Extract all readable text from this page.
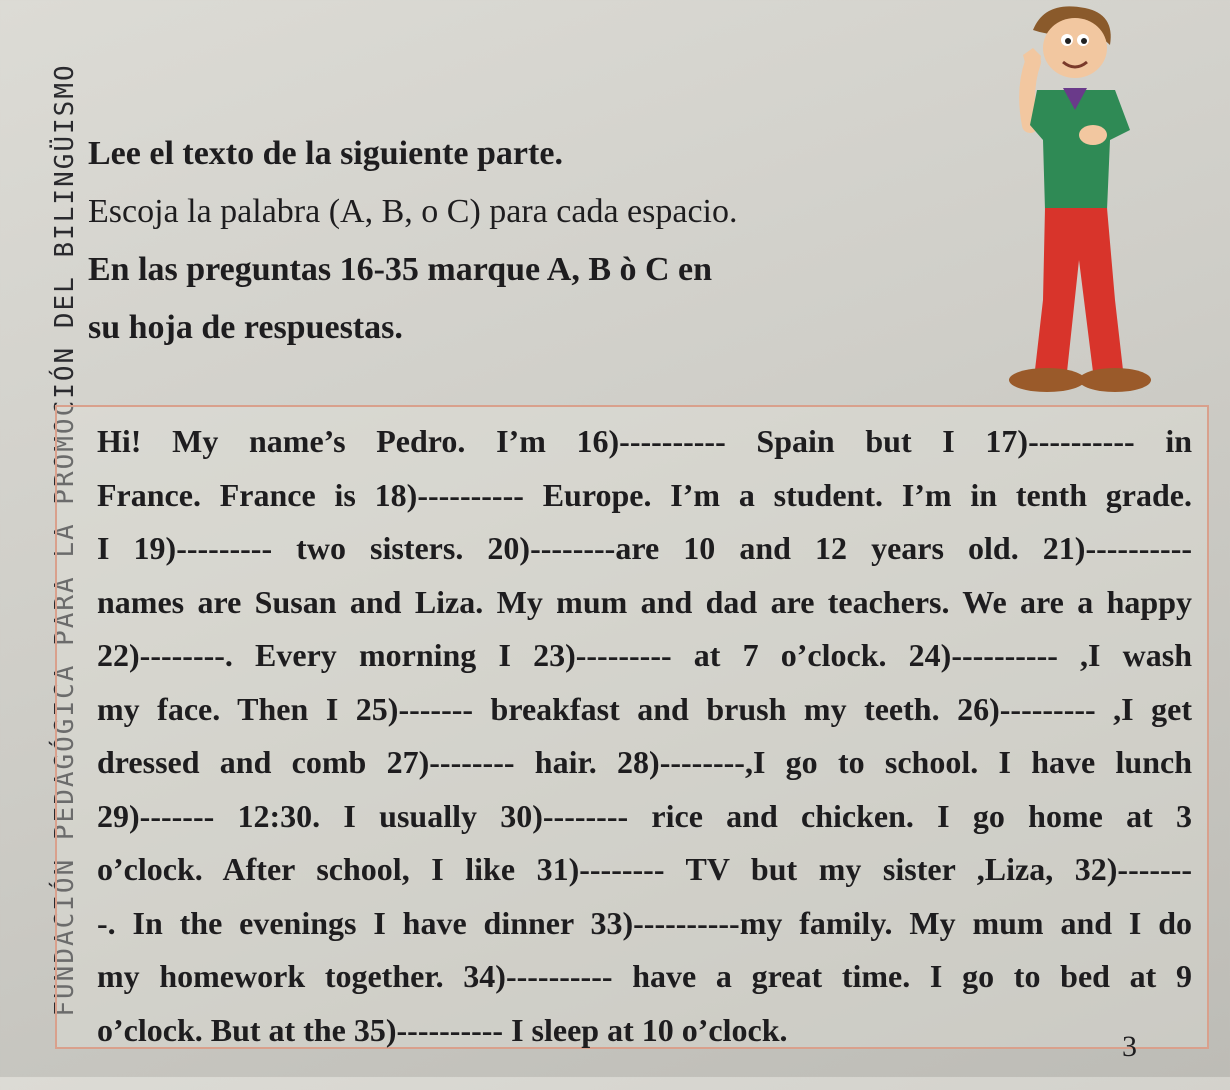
FUNDACIÓN PEDAGÓGICA PARA LA PROMOCIÓN DEL BILINGÜISMO Lee el texto de la siguiente parte.
Escoja la palabra (A, B, o C) para cada espacio.
En las preguntas 16-35 marque A, B ò C en
su hoja de respuestas.
Hi! My name’s Pedro. I’m 16)---------- Spain but I 17)---------- in
France. France is 18)---------- Europe. I’m a student. I’m in tenth grade.
I 19)--------- two sisters. 20)--------are 10 and 12 years old. 21)----------
names are Susan and Liza. My mum and dad are teachers. We are a happy
22)--------. Every morning I 23)--------- at 7 o’clock. 24)---------- ,I wash
my face. Then I 25)------- breakfast and brush my teeth. 26)--------- ,I get
dressed and comb 27)-------- hair. 28)--------,I go to school. I have lunch
29)------- 12:30. I usually 30)-------- rice and chicken. I go home at 3
o’clock. After school, I like 31)-------- TV but my sister ,Liza, 32)-------
-. In the evenings I have dinner 33)----------my family. My mum and I do
my homework together. 34)---------- have a great time. I go to bed at 9
o’clock. But at the 35)---------- I sleep at 10 o’clock.	3
